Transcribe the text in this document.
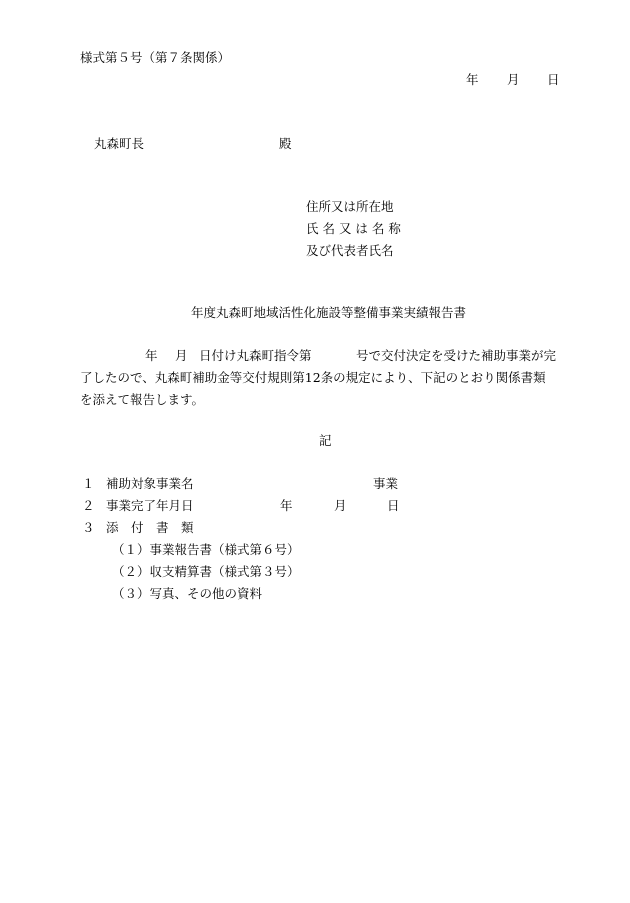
様式第５号（第７条関係）
年 月 日
丸森町長	殿
住所又は所在地
氏 名 又 は 名 称
及び代表者氏名
年度丸森町地域活性化施設等整備事業実績報告書
年 月 日付け丸森町指令第	号で交付決定を受けた補助事業が完
了したので、丸森町補助金等交付規則第12条の規定により、下記のとおり関係書類
を添えて報告します。
記
１ 補助対象事業名	事業
２ 事業完了年月日	年	月	日
３ 添　付　書　類
（１）事業報告書（様式第６号）
（２）収支精算書（様式第３号）
（３）写真、その他の資料
